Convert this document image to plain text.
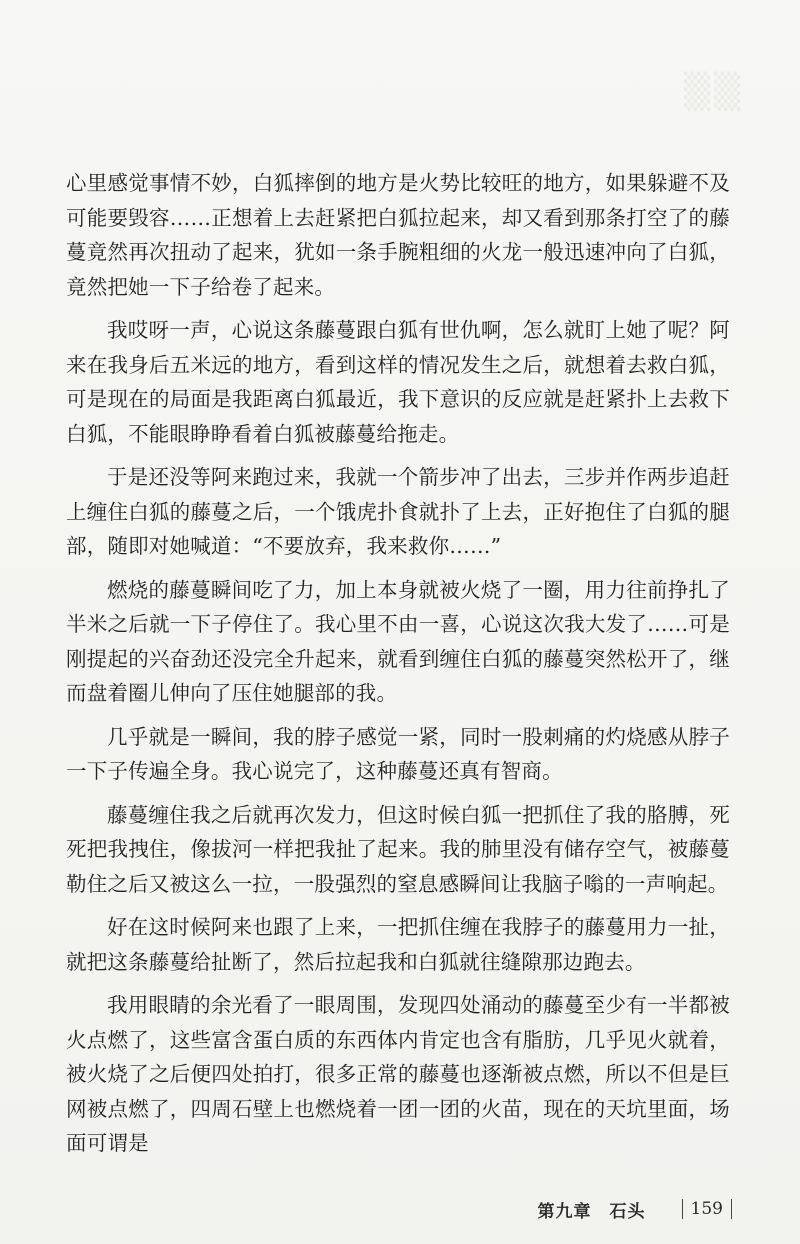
▒▒

心里感觉事情不妙，白狐摔倒的地方是火势比较旺的地方，如果躲避不及可能要毁容……正想着上去赶紧把白狐拉起来，却又看到那条打空了的藤蔓竟然再次扭动了起来，犹如一条手腕粗细的火龙一般迅速冲向了白狐，竟然把她一下子给卷了起来。

我哎呀一声，心说这条藤蔓跟白狐有世仇啊，怎么就盯上她了呢？阿来在我身后五米远的地方，看到这样的情况发生之后，就想着去救白狐，可是现在的局面是我距离白狐最近，我下意识的反应就是赶紧扑上去救下白狐，不能眼睁睁看着白狐被藤蔓给拖走。

于是还没等阿来跑过来，我就一个箭步冲了出去，三步并作两步追赶上缠住白狐的藤蔓之后，一个饿虎扑食就扑了上去，正好抱住了白狐的腿部，随即对她喊道：“不要放弃，我来救你……”

燃烧的藤蔓瞬间吃了力，加上本身就被火烧了一圈，用力往前挣扎了半米之后就一下子停住了。我心里不由一喜，心说这次我大发了……可是刚提起的兴奋劲还没完全升起来，就看到缠住白狐的藤蔓突然松开了，继而盘着圈儿伸向了压住她腿部的我。

几乎就是一瞬间，我的脖子感觉一紧，同时一股刺痛的灼烧感从脖子一下子传遍全身。我心说完了，这种藤蔓还真有智商。

藤蔓缠住我之后就再次发力，但这时候白狐一把抓住了我的胳膊，死死把我拽住，像拔河一样把我扯了起来。我的肺里没有储存空气，被藤蔓勒住之后又被这么一拉，一股强烈的窒息感瞬间让我脑子嗡的一声响起。

好在这时候阿来也跟了上来，一把抓住缠在我脖子的藤蔓用力一扯，就把这条藤蔓给扯断了，然后拉起我和白狐就往缝隙那边跑去。

我用眼睛的余光看了一眼周围，发现四处涌动的藤蔓至少有一半都被火点燃了，这些富含蛋白质的东西体内肯定也含有脂肪，几乎见火就着，被火烧了之后便四处拍打，很多正常的藤蔓也逐渐被点燃，所以不但是巨网被点燃了，四周石壁上也燃烧着一团一团的火苗，现在的天坑里面，场面可谓是

第九章　石头	159
